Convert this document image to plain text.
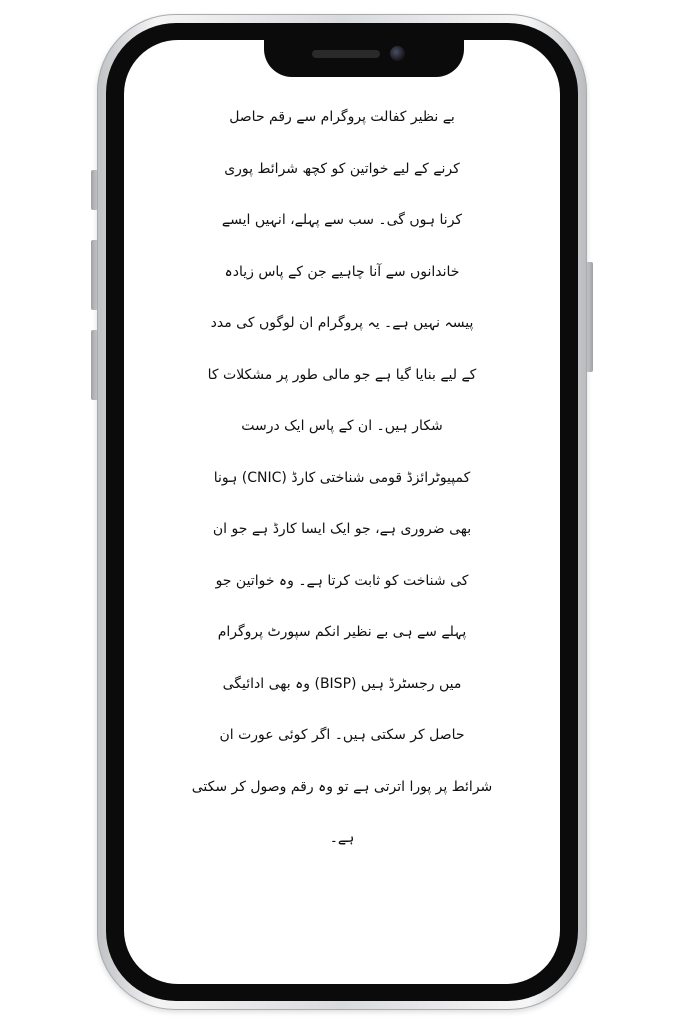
بے نظیر کفالت پروگرام سے رقم حاصل
کرنے کے لیے خواتین کو کچھ شرائط پوری
کرنا ہوں گی۔ سب سے پہلے، انہیں ایسے
خاندانوں سے آنا چاہیے جن کے پاس زیادہ
پیسہ نہیں ہے۔ یہ پروگرام ان لوگوں کی مدد
کے لیے بنایا گیا ہے جو مالی طور پر مشکلات کا
شکار ہیں۔ ان کے پاس ایک درست
کمپیوٹرائزڈ قومی شناختی کارڈ (CNIC) ہونا
بھی ضروری ہے، جو ایک ایسا کارڈ ہے جو ان
کی شناخت کو ثابت کرتا ہے۔ وہ خواتین جو
پہلے سے ہی بے نظیر انکم سپورٹ پروگرام
میں رجسٹرڈ ہیں (BISP) وہ بھی ادائیگی
حاصل کر سکتی ہیں۔ اگر کوئی عورت ان
شرائط پر پورا اترتی ہے تو وہ رقم وصول کر سکتی
ہے۔
